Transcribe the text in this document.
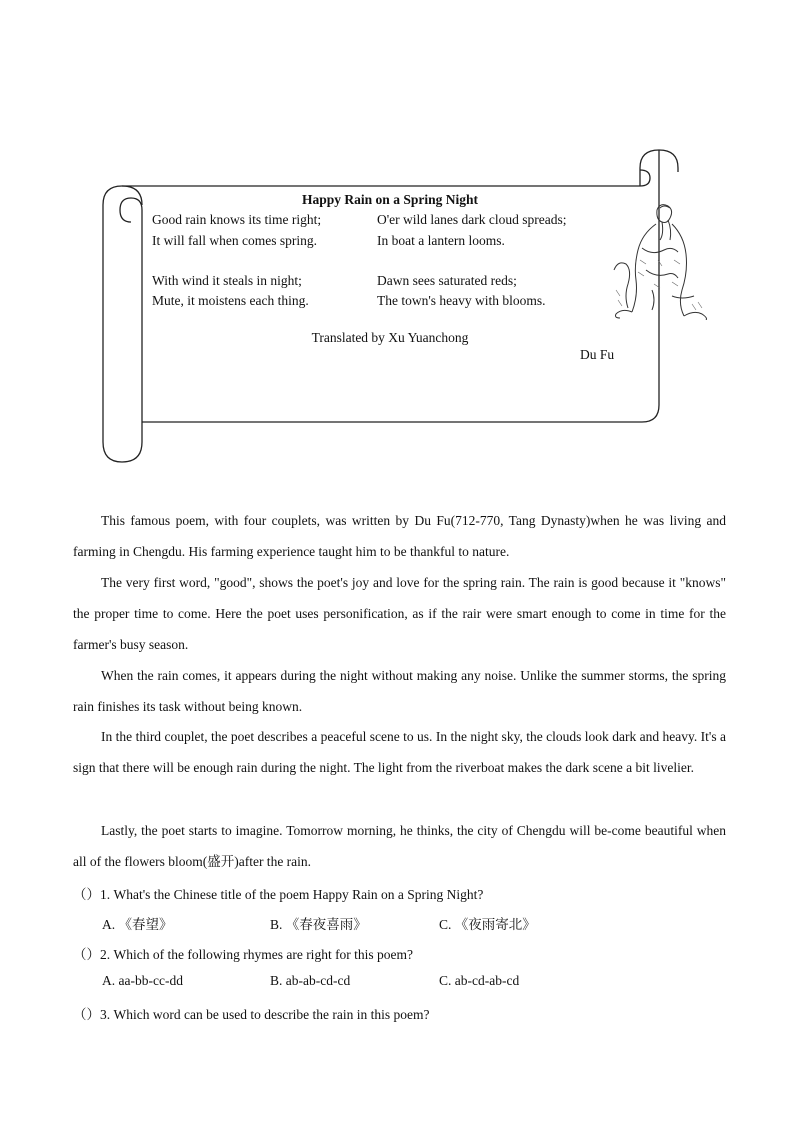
Happy Rain on a Spring Night
Good rain knows its time right;	O'er wild lanes dark cloud spreads;
It will fall when comes spring.	In boat a lantern looms.
With wind it steals in night;	Dawn sees saturated reds;
Mute, it moistens each thing.	The town's heavy with blooms.
Translated by Xu Yuanchong
Du Fu

This famous poem, with four couplets, was written by Du Fu(712-770, Tang Dynasty)when he was living and farming in Chengdu. His farming experience taught him to be thankful to nature.

The very first word, "good", shows the poet's joy and love for the spring rain. The rain is good because it "knows" the proper time to come. Here the poet uses personification, as if the rair were smart enough to come in time for the farmer's busy season.

When the rain comes, it appears during the night without making any noise. Unlike the summer storms, the spring rain finishes its task without being known.

In the third couplet, the poet describes a peaceful scene to us. In the night sky, the clouds look dark and heavy. It's a sign that there will be enough rain during the night. The light from the riverboat makes the dark scene a bit livelier.

Lastly, the poet starts to imagine. Tomorrow morning, he thinks, the city of Chengdu will be-come beautiful when all of the flowers bloom(盛开)after the rain.

（）1. What's the Chinese title of the poem Happy Rain on a Spring Night?
A. 《春望》	B. 《春夜喜雨》	C. 《夜雨寄北》
（）2. Which of the following rhymes are right for this poem?
A. aa-bb-cc-dd	B. ab-ab-cd-cd	C. ab-cd-ab-cd
（）3. Which word can be used to describe the rain in this poem?
